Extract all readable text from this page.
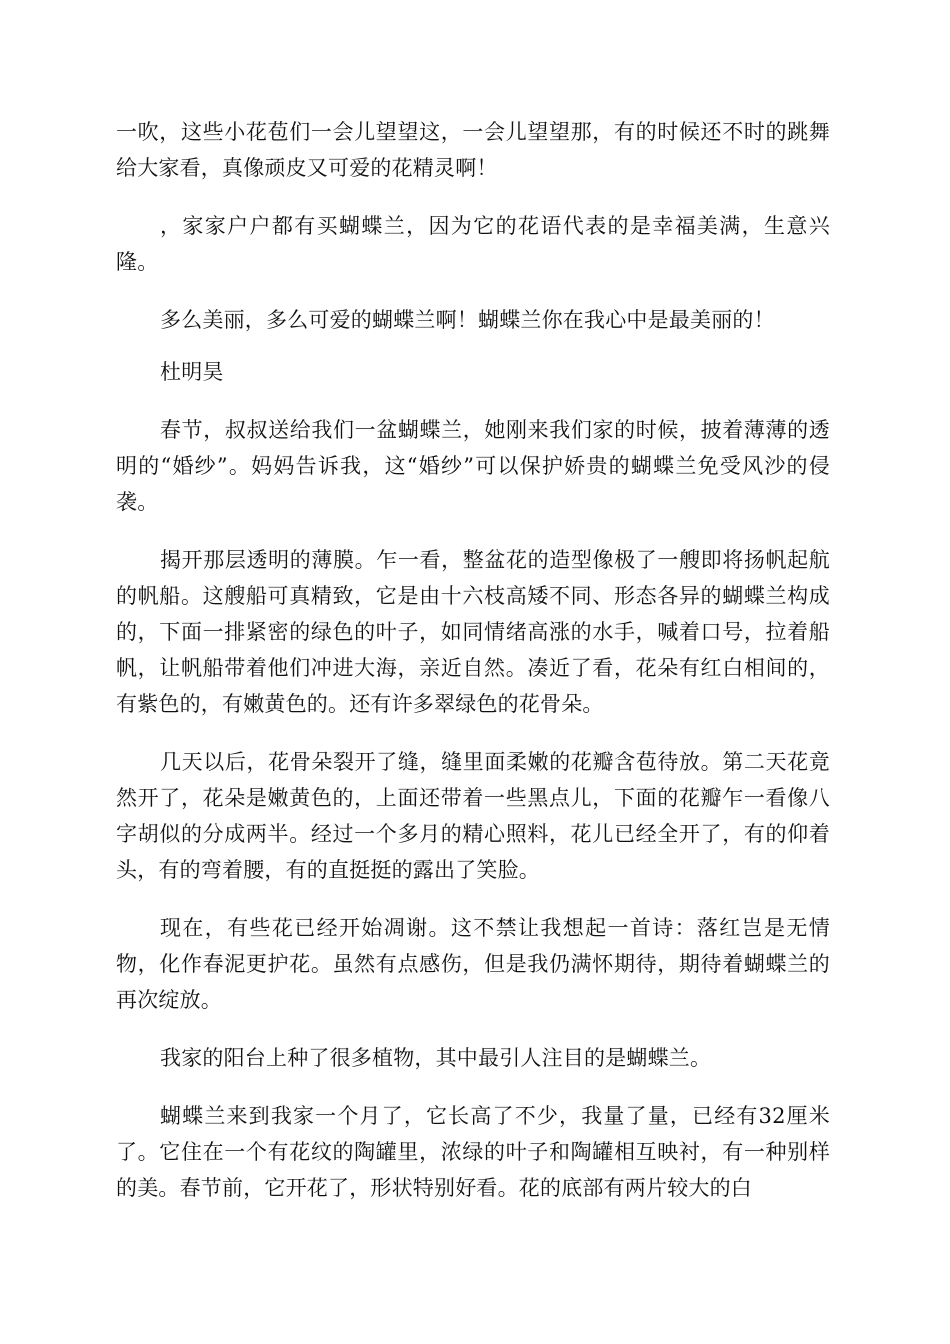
一吹，这些小花苞们一会儿望望这，一会儿望望那，有的时候还不时的跳舞给大家看，真像顽皮又可爱的花精灵啊！

，家家户户都有买蝴蝶兰，因为它的花语代表的是幸福美满，生意兴隆。

多么美丽，多么可爱的蝴蝶兰啊！蝴蝶兰你在我心中是最美丽的！

杜明昊

春节，叔叔送给我们一盆蝴蝶兰，她刚来我们家的时候，披着薄薄的透明的“婚纱”。妈妈告诉我，这“婚纱”可以保护娇贵的蝴蝶兰免受风沙的侵袭。

揭开那层透明的薄膜。乍一看，整盆花的造型像极了一艘即将扬帆起航的帆船。这艘船可真精致，它是由十六枝高矮不同、形态各异的蝴蝶兰构成的，下面一排紧密的绿色的叶子，如同情绪高涨的水手，喊着口号，拉着船帆，让帆船带着他们冲进大海，亲近自然。凑近了看，花朵有红白相间的，有紫色的，有嫩黄色的。还有许多翠绿色的花骨朵。

几天以后，花骨朵裂开了缝，缝里面柔嫩的花瓣含苞待放。第二天花竟然开了，花朵是嫩黄色的，上面还带着一些黑点儿，下面的花瓣乍一看像八字胡似的分成两半。经过一个多月的精心照料，花儿已经全开了，有的仰着头，有的弯着腰，有的直挺挺的露出了笑脸。

现在，有些花已经开始凋谢。这不禁让我想起一首诗：落红岂是无情物，化作春泥更护花。虽然有点感伤，但是我仍满怀期待，期待着蝴蝶兰的再次绽放。

我家的阳台上种了很多植物，其中最引人注目的是蝴蝶兰。

蝴蝶兰来到我家一个月了，它长高了不少，我量了量，已经有32厘米了。它住在一个有花纹的陶罐里，浓绿的叶子和陶罐相互映衬，有一种别样的美。春节前，它开花了，形状特别好看。花的底部有两片较大的白
